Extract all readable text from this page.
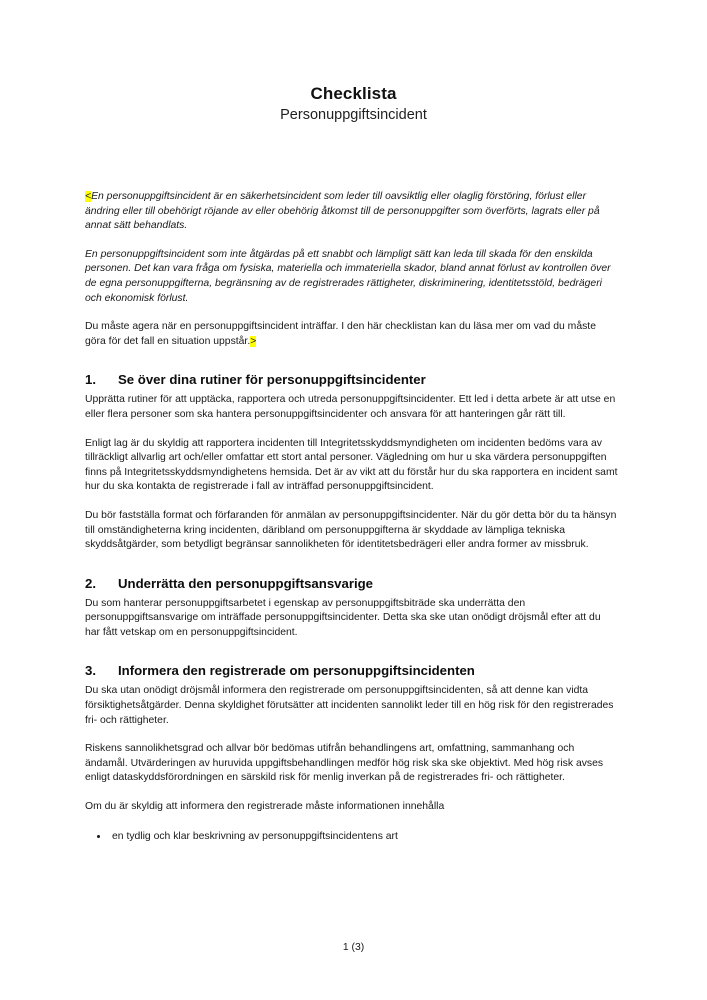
Checklista
Personuppgiftsincident

<En personuppgiftsincident är en säkerhetsincident som leder till oavsiktlig eller olaglig förstöring, förlust eller ändring eller till obehörigt röjande av eller obehörig åtkomst till de personuppgifter som överförts, lagrats eller på annat sätt behandlats.

En personuppgiftsincident som inte åtgärdas på ett snabbt och lämpligt sätt kan leda till skada för den enskilda personen. Det kan vara fråga om fysiska, materiella och immateriella skador, bland annat förlust av kontrollen över de egna personuppgifterna, begränsning av de registrerades rättigheter, diskriminering, identitetsstöld, bedrägeri och ekonomisk förlust.

Du måste agera när en personuppgiftsincident inträffar. I den här checklistan kan du läsa mer om vad du måste göra för det fall en situation uppstår.>

1.	Se över dina rutiner för personuppgiftsincidenter

Upprätta rutiner för att upptäcka, rapportera och utreda personuppgiftsincidenter. Ett led i detta arbete är att utse en eller flera personer som ska hantera personuppgiftsincidenter och ansvara för att hanteringen går rätt till.

Enligt lag är du skyldig att rapportera incidenten till Integritetsskyddsmyndigheten om incidenten bedöms vara av tillräckligt allvarlig art och/eller omfattar ett stort antal personer. Vägledning om hur u ska värdera personuppgiften finns på Integritetsskyddsmyndighetens hemsida. Det är av vikt att du förstår hur du ska rapportera en incident samt hur du ska kontakta de registrerade i fall av inträffad personuppgiftsincident.

Du bör fastställa format och förfaranden för anmälan av personuppgiftsincidenter. När du gör detta bör du ta hänsyn till omständigheterna kring incidenten, däribland om personuppgifterna är skyddade av lämpliga tekniska skyddsåtgärder, som betydligt begränsar sannolikheten för identitetsbedrägeri eller andra former av missbruk.

2.	Underrätta den personuppgiftsansvarige

Du som hanterar personuppgiftsarbetet i egenskap av personuppgiftsbiträde ska underrätta den personuppgiftsansvarige om inträffade personuppgiftsincidenter. Detta ska ske utan onödigt dröjsmål efter att du har fått vetskap om en personuppgiftsincident.

3.	Informera den registrerade om personuppgiftsincidenten

Du ska utan onödigt dröjsmål informera den registrerade om personuppgiftsincidenten, så att denne kan vidta försiktighetsåtgärder. Denna skyldighet förutsätter att incidenten sannolikt leder till en hög risk för den registrerades fri- och rättigheter.

Riskens sannolikhetsgrad och allvar bör bedömas utifrån behandlingens art, omfattning, sammanhang och ändamål. Utvärderingen av huruvida uppgiftsbehandlingen medför hög risk ska ske objektivt. Med hög risk avses enligt dataskyddsförordningen en särskild risk för menlig inverkan på de registrerades fri- och rättigheter.

Om du är skyldig att informera den registrerade måste informationen innehålla

en tydlig och klar beskrivning av personuppgiftsincidentens art
1 (3)
